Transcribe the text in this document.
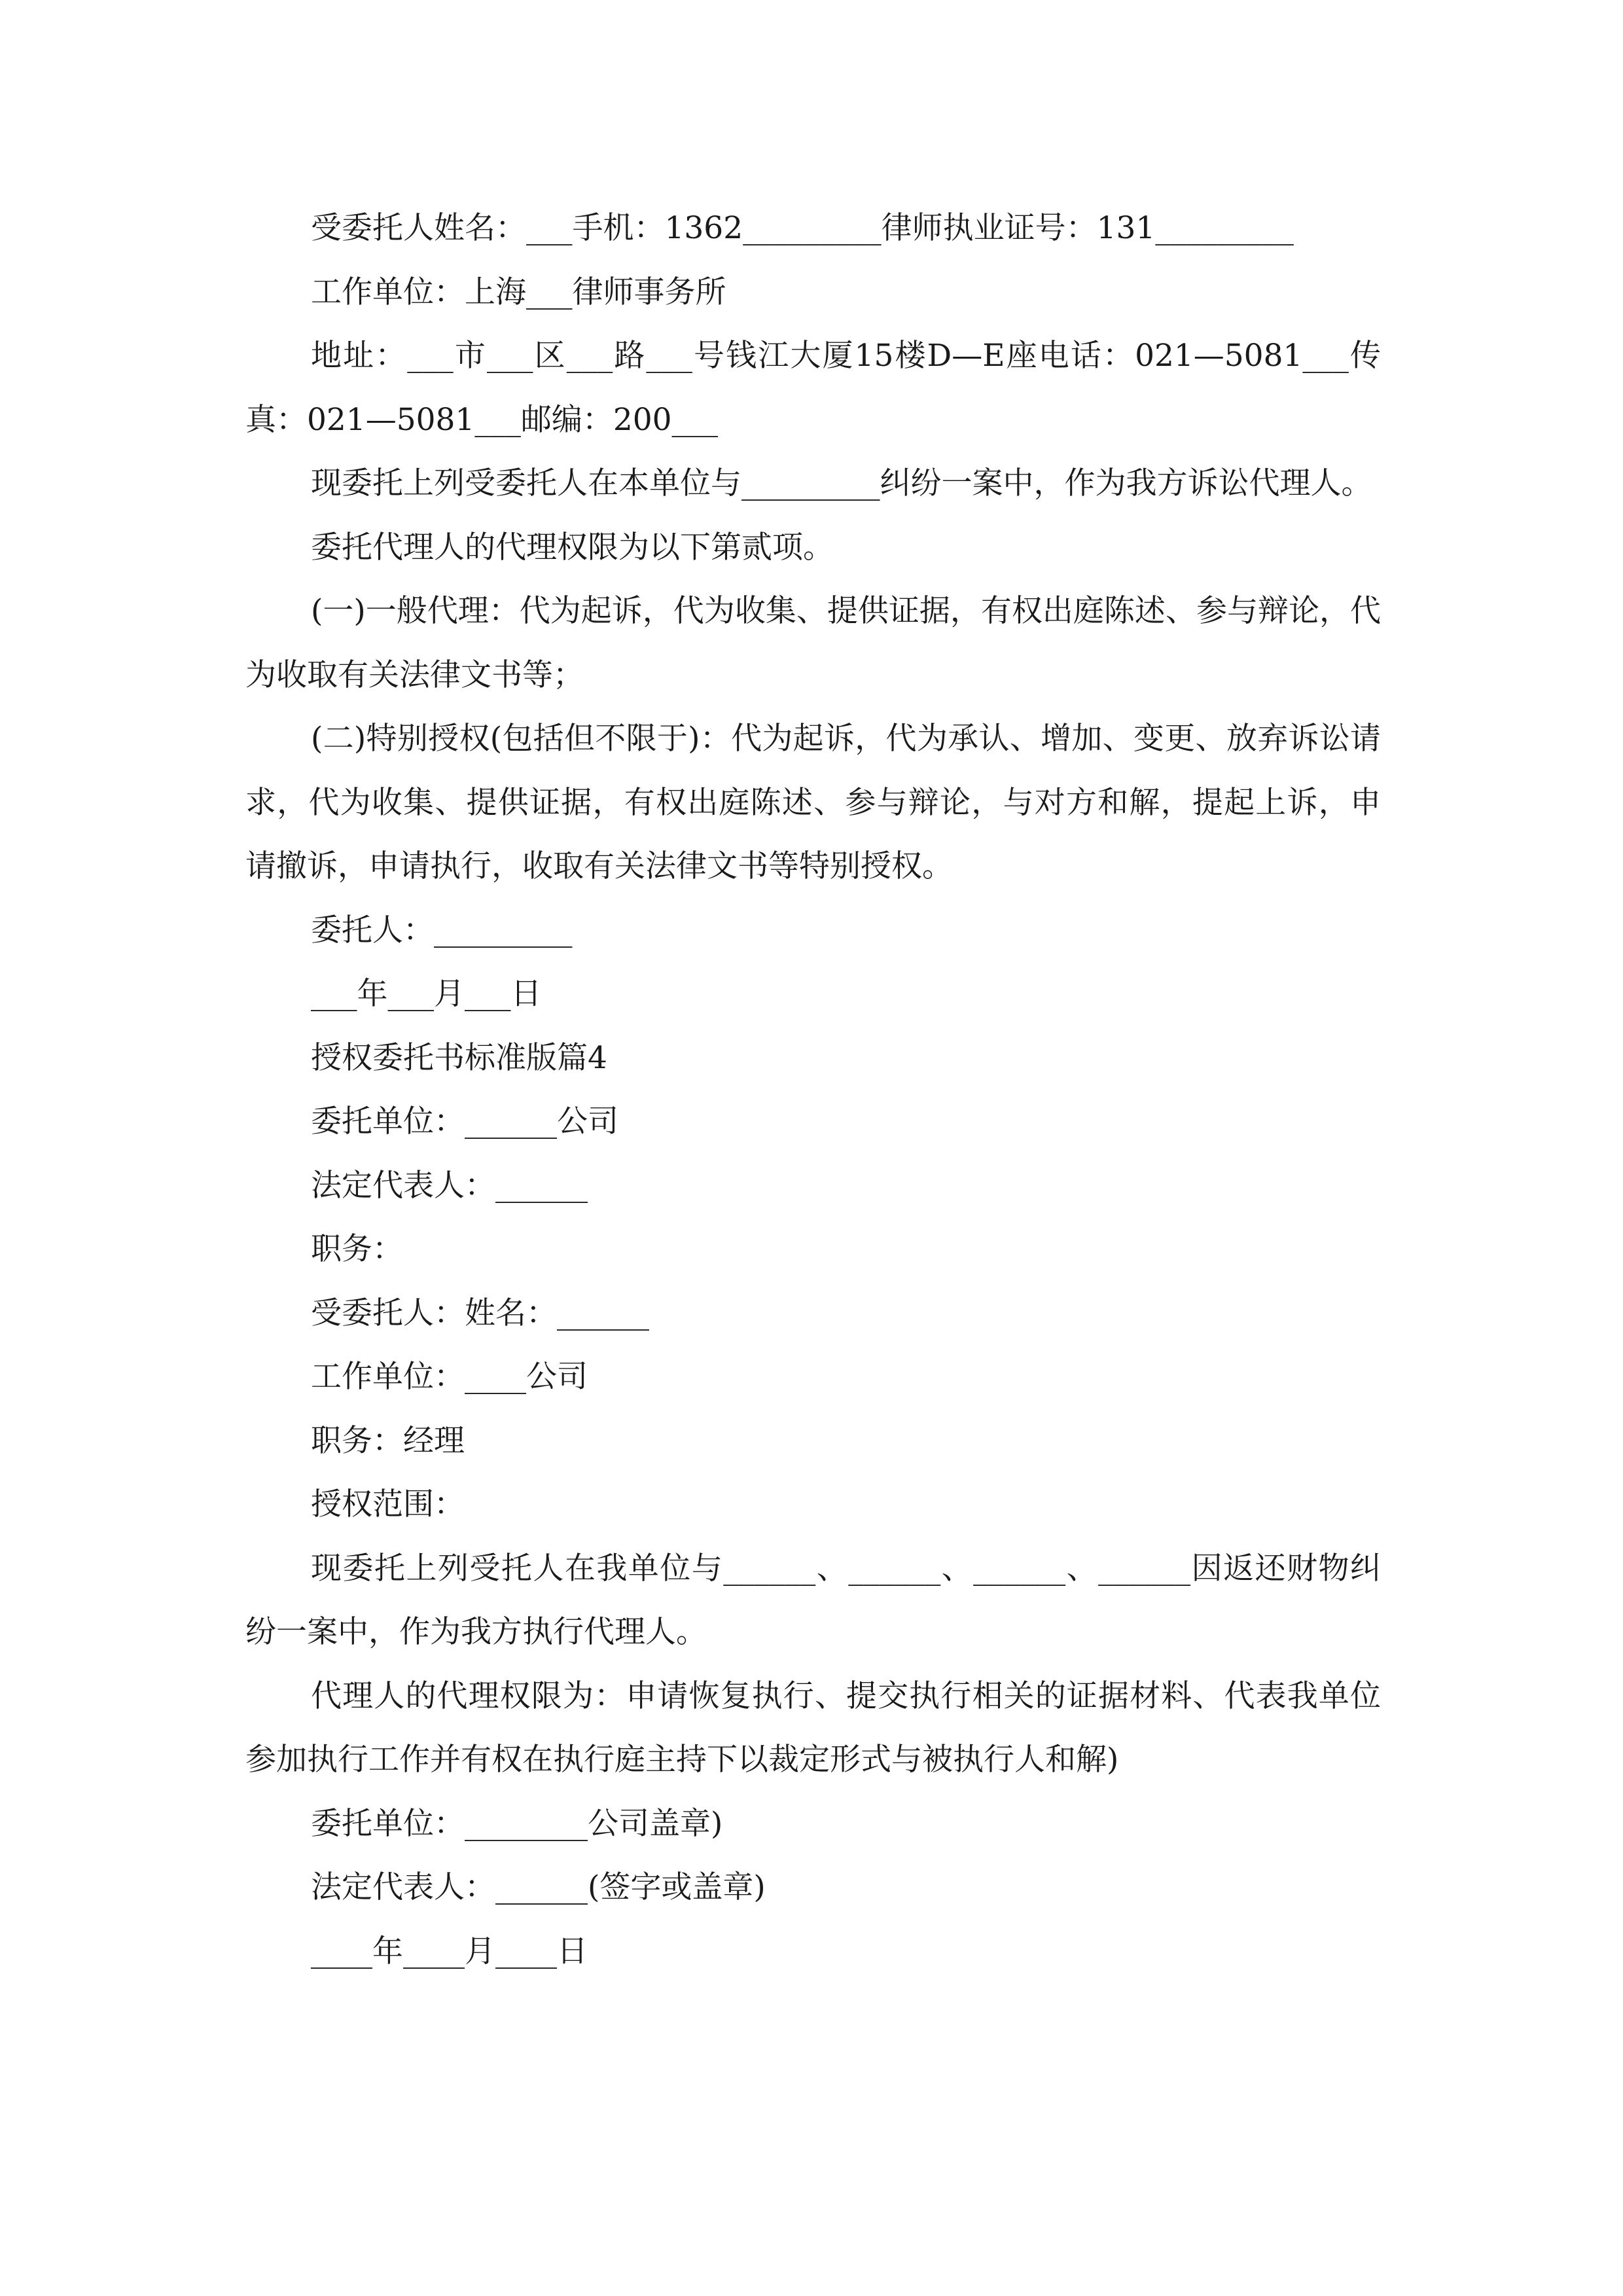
受委托人姓名：___手机：1362_________律师执业证号：131_________

工作单位：上海___律师事务所

地址：___市___区___路___号钱江大厦15楼D—E座电话：021—5081___传真：021—5081___邮编：200___

现委托上列受委托人在本单位与_________纠纷一案中，作为我方诉讼代理人。

委托代理人的代理权限为以下第贰项。

(一)一般代理：代为起诉，代为收集、提供证据，有权出庭陈述、参与辩论，代为收取有关法律文书等；

(二)特别授权(包括但不限于)：代为起诉，代为承认、增加、变更、放弃诉讼请求，代为收集、提供证据，有权出庭陈述、参与辩论，与对方和解，提起上诉，申请撤诉，申请执行，收取有关法律文书等特别授权。

委托人：_________

___年___月___日

授权委托书标准版篇4

委托单位：______公司

法定代表人：______

职务：

受委托人：姓名：______

工作单位：____公司

职务：经理

授权范围：

现委托上列受托人在我单位与______、______、______、______因返还财物纠纷一案中，作为我方执行代理人。

代理人的代理权限为：申请恢复执行、提交执行相关的证据材料、代表我单位参加执行工作并有权在执行庭主持下以裁定形式与被执行人和解)

委托单位：________公司盖章)

法定代表人：______(签字或盖章)

____年____月____日
